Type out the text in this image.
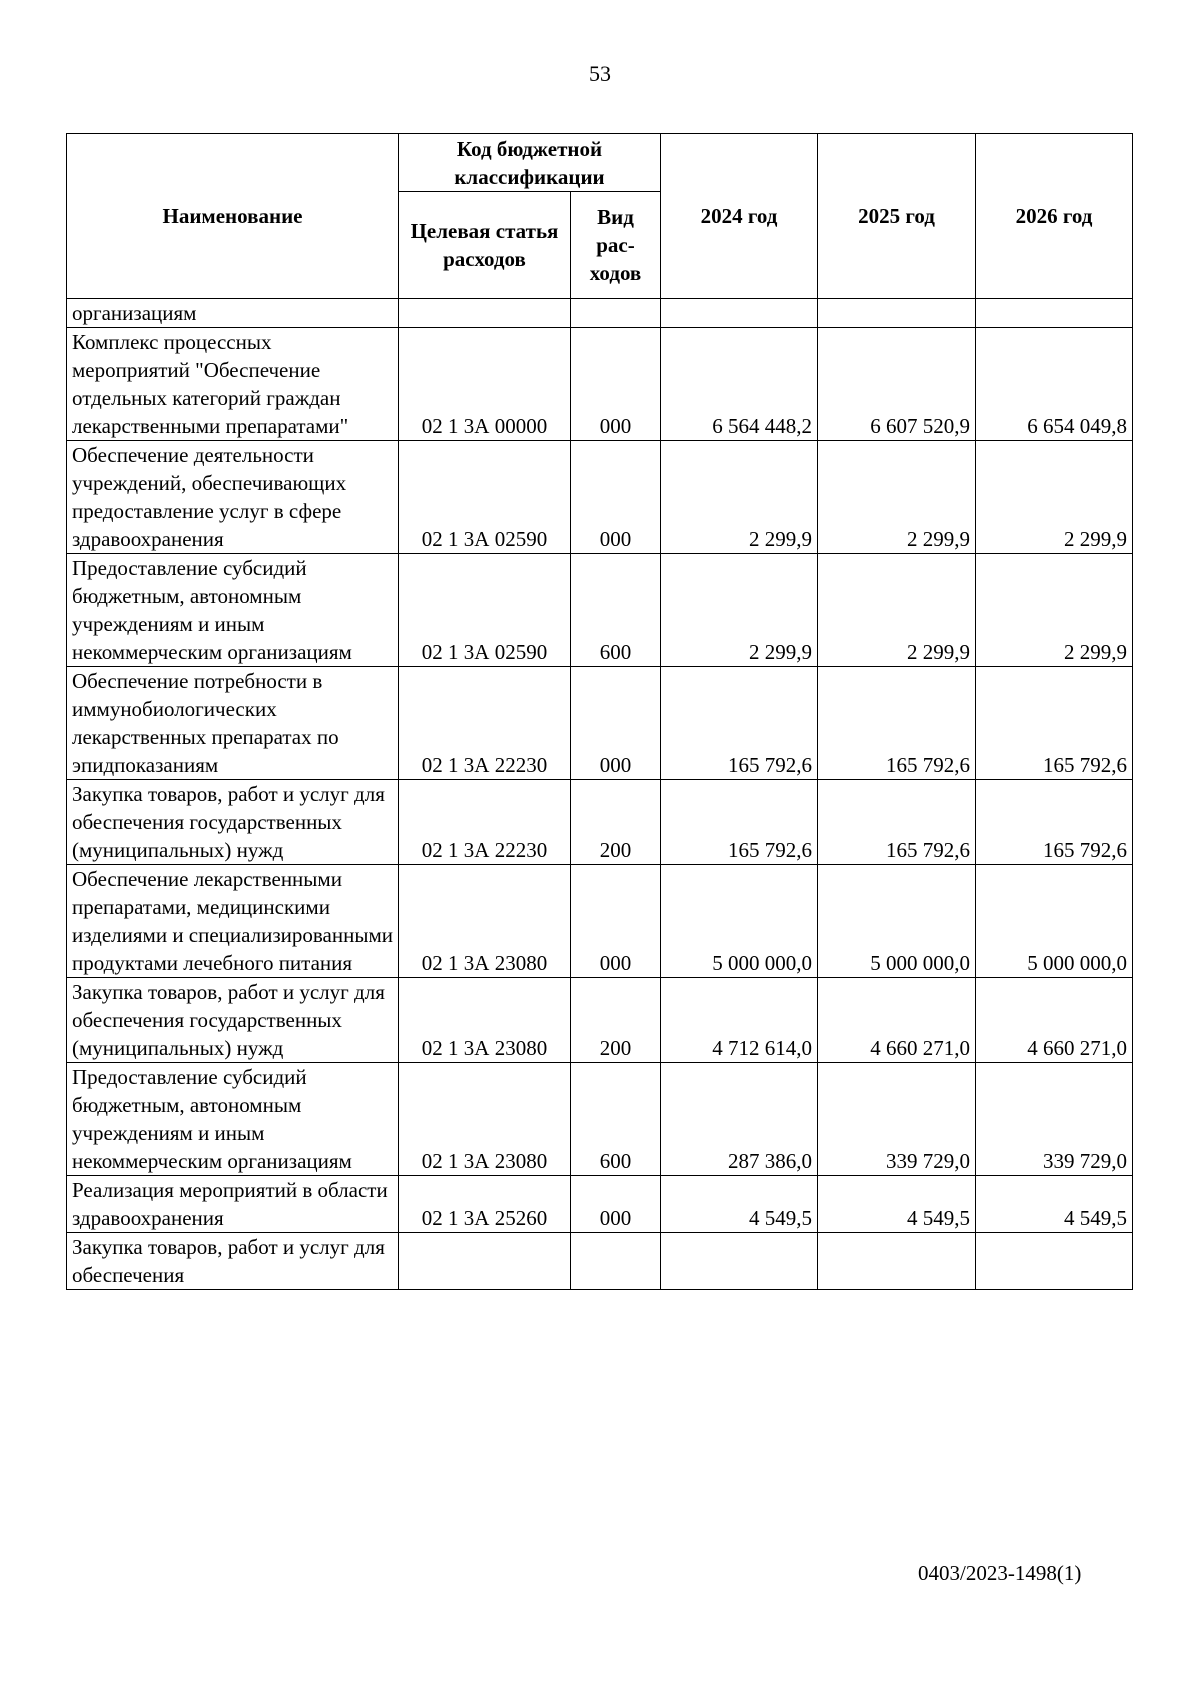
53
Наименование	Код бюджетной классификации		2024 год	2025 год	2026 год
	Целевая статья расходов	Вид рас-ходов			
организациям					
Комплекс процессных мероприятий "Обеспечение отдельных категорий граждан лекарственными препаратами"	02 1 3А 00000	000	6 564 448,2	6 607 520,9	6 654 049,8
Обеспечение деятельности учреждений, обеспечивающих предоставление услуг в сфере здравоохранения	02 1 3А 02590	000	2 299,9	2 299,9	2 299,9
Предоставление субсидий бюджетным, автономным учреждениям и иным некоммерческим организациям	02 1 3А 02590	600	2 299,9	2 299,9	2 299,9
Обеспечение потребности в иммунобиологических лекарственных препаратах по эпидпоказаниям	02 1 3А 22230	000	165 792,6	165 792,6	165 792,6
Закупка товаров, работ и услуг для обеспечения государственных (муниципальных) нужд	02 1 3А 22230	200	165 792,6	165 792,6	165 792,6
Обеспечение лекарственными препаратами, медицинскими изделиями и специализированными продуктами лечебного питания	02 1 3А 23080	000	5 000 000,0	5 000 000,0	5 000 000,0
Закупка товаров, работ и услуг для обеспечения государственных (муниципальных) нужд	02 1 3А 23080	200	4 712 614,0	4 660 271,0	4 660 271,0
Предоставление субсидий бюджетным, автономным учреждениям и иным некоммерческим организациям	02 1 3А 23080	600	287 386,0	339 729,0	339 729,0
Реализация мероприятий в области здравоохранения	02 1 3А 25260	000	4 549,5	4 549,5	4 549,5
Закупка товаров, работ и услуг для обеспечения					
0403/2023-1498(1)
